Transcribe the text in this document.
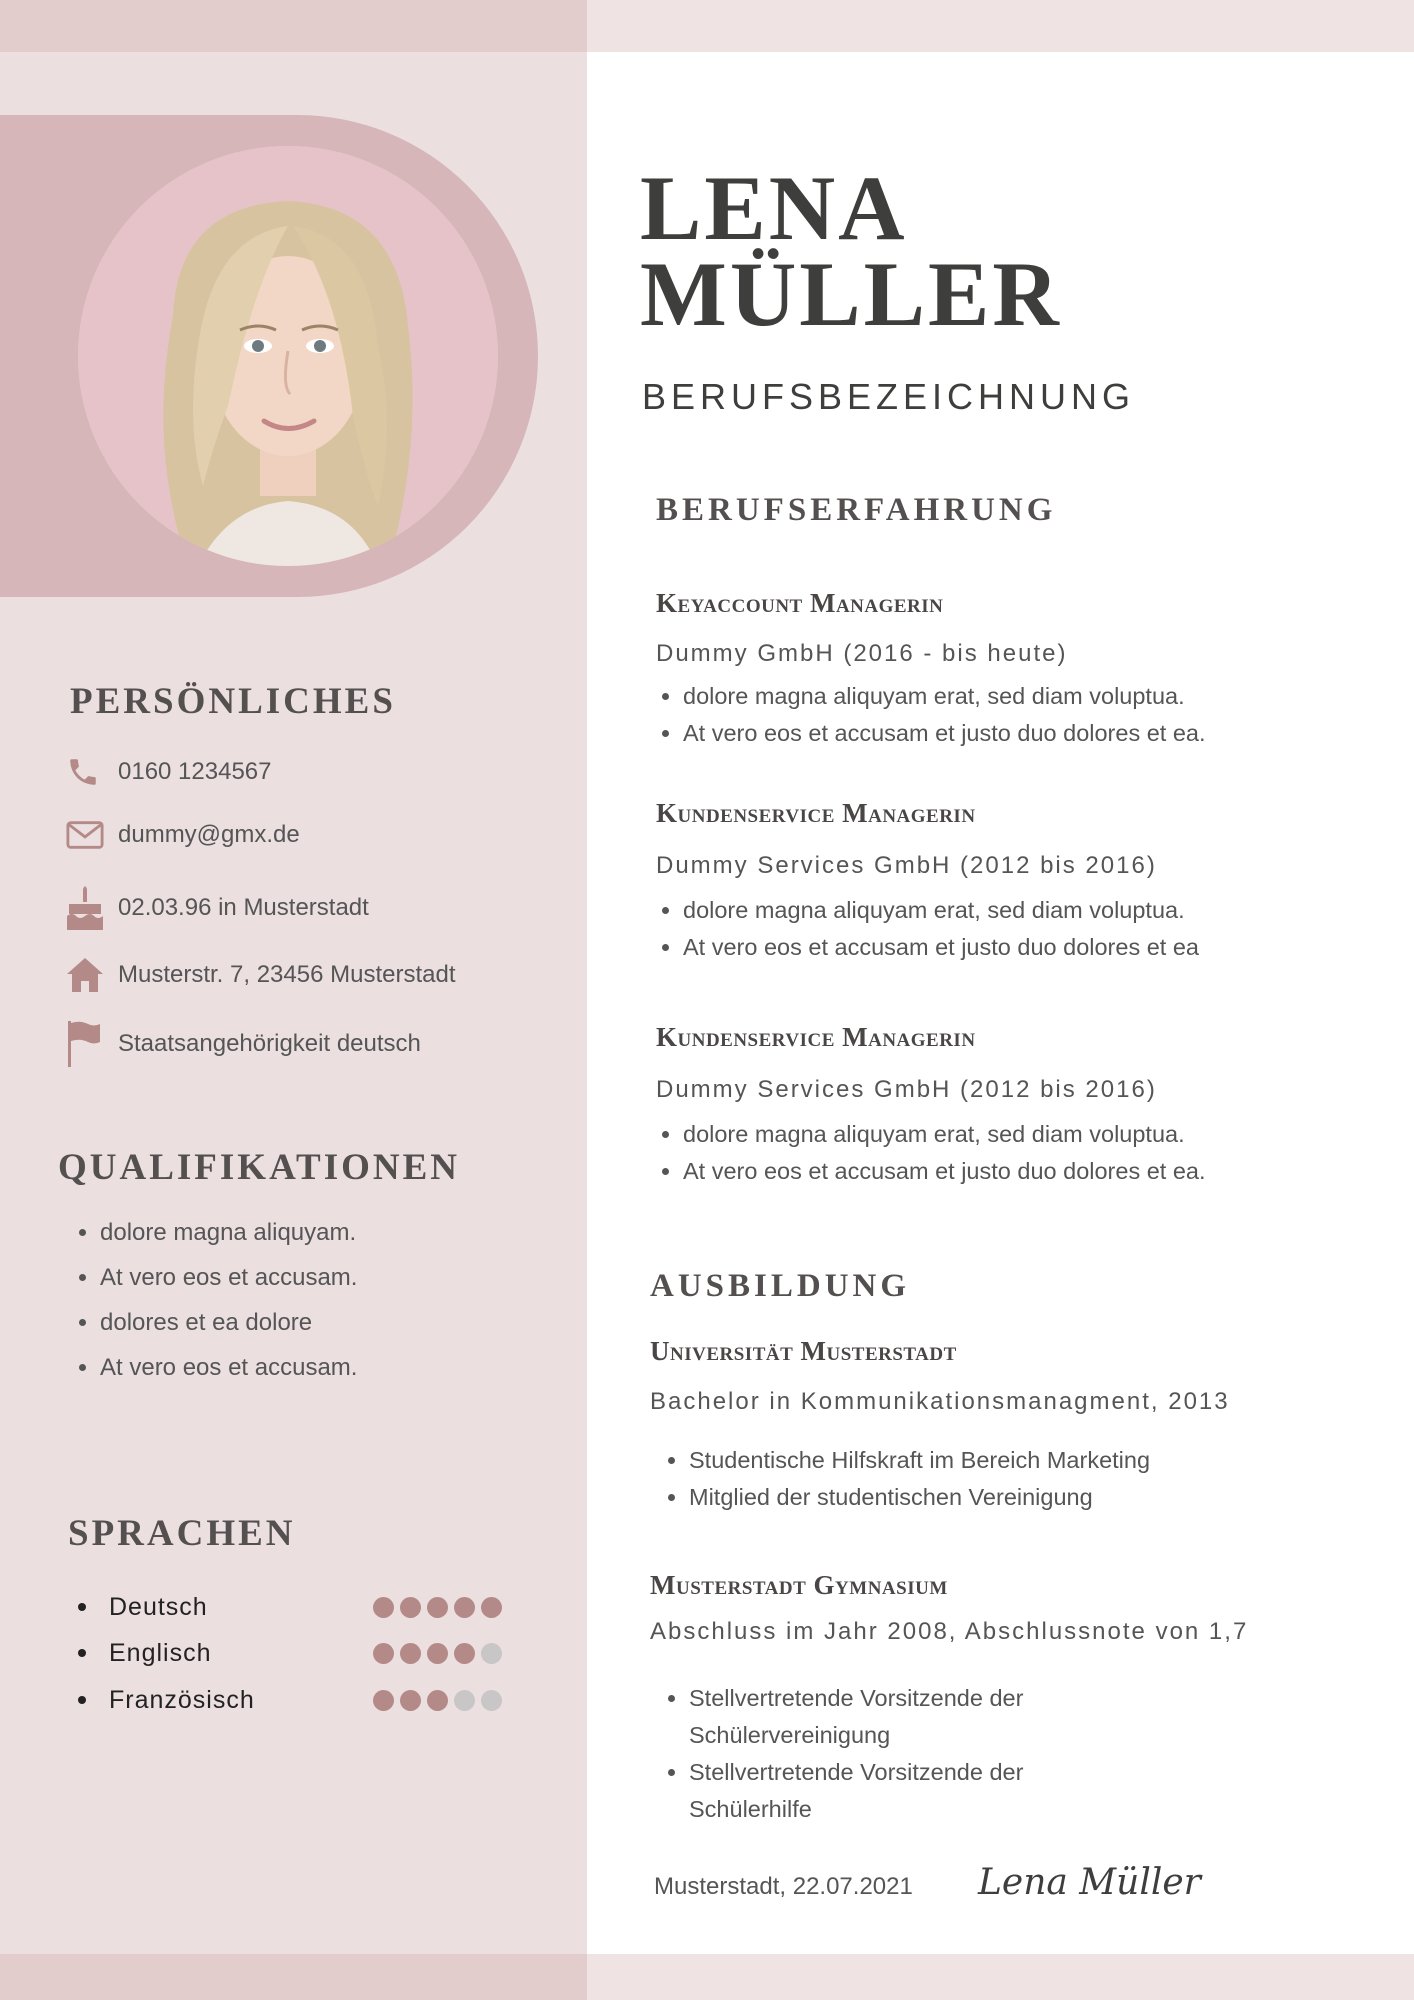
PERSÖNLICHES
0160 1234567
dummy@gmx.de
02.03.96 in Musterstadt
Musterstr. 7, 23456 Musterstadt
Staatsangehörigkeit deutsch
QUALIFIKATIONEN
• dolore magna aliquyam.
• At vero eos et accusam.
• dolores et ea dolore
• At vero eos et accusam.
SPRACHEN
Deutsch
Englisch
Französisch
LENA
MÜLLER
BERUFSBEZEICHNUNG
BERUFSERFAHRUNG
Keyaccount Managerin
Dummy GmbH (2016 - bis heute)
• dolore magna aliquyam erat, sed diam voluptua.
• At vero eos et accusam et justo duo dolores et ea.
Kundenservice Managerin
Dummy Services GmbH (2012 bis 2016)
• dolore magna aliquyam erat, sed diam voluptua.
• At vero eos et accusam et justo duo dolores et ea
Kundenservice Managerin
Dummy Services GmbH (2012 bis 2016)
• dolore magna aliquyam erat, sed diam voluptua.
• At vero eos et accusam et justo duo dolores et ea.
AUSBILDUNG
Universität Musterstadt
Bachelor in Kommunikationsmanagment, 2013
• Studentische Hilfskraft im Bereich Marketing
• Mitglied der studentischen Vereinigung
Musterstadt Gymnasium
Abschluss im Jahr 2008, Abschlussnote von 1,7
• Stellvertretende Vorsitzende der Schülervereinigung
• Stellvertretende Vorsitzende der Schülerhilfe
Musterstadt, 22.07.2021 Lena Müller
